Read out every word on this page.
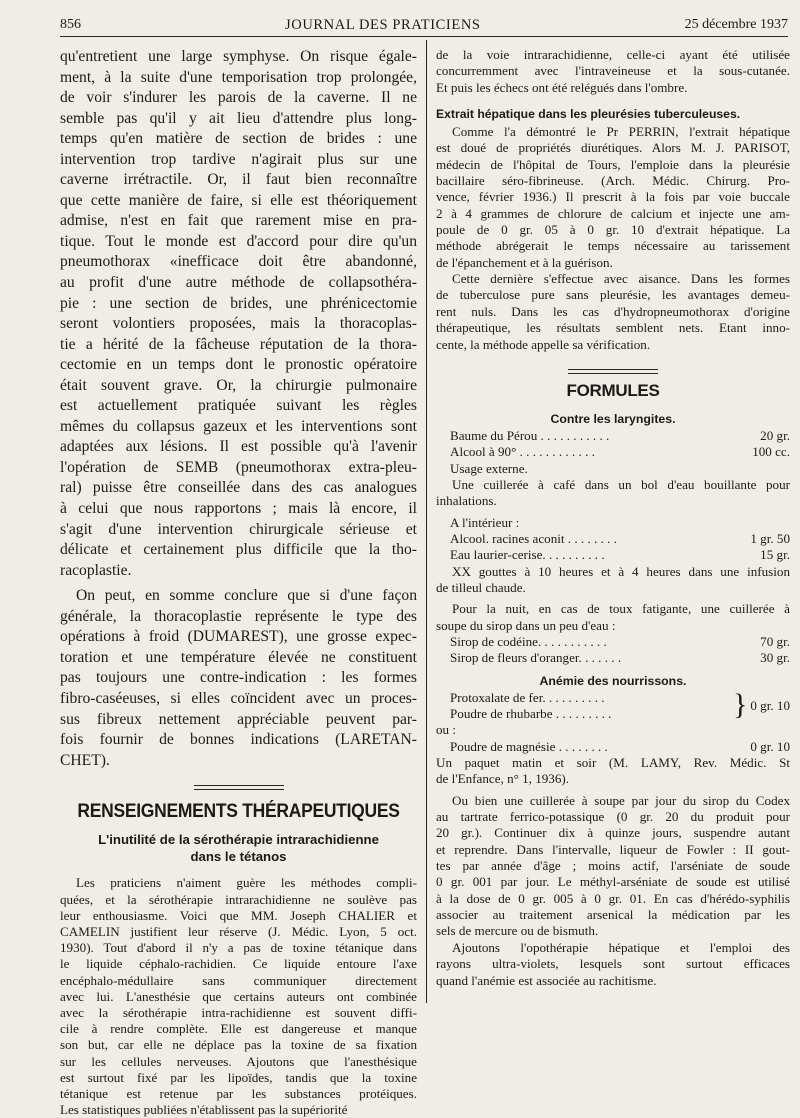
856	JOURNAL DES PRATICIENS	25 décembre 1937
qu'entretient une large symphyse. On risque égale-
ment, à la suite d'une temporisation trop prolongée,
de voir s'indurer les parois de la caverne. Il ne
semble pas qu'il y ait lieu d'attendre plus long-
temps qu'en matière de section de brides : une
intervention trop tardive n'agirait plus sur une
caverne irrétractile. Or, il faut bien reconnaître
que cette manière de faire, si elle est théoriquement
admise, n'est en fait que rarement mise en pra-
tique. Tout le monde est d'accord pour dire qu'un
pneumothorax «inefficace doit être abandonné,
au profit d'une autre méthode de collapsothéra-
pie : une section de brides, une phrénicectomie
seront volontiers proposées, mais la thoracoplas-
tie a hérité de la fâcheuse réputation de la thora-
cectomie en un temps dont le pronostic opératoire
était souvent grave. Or, la chirurgie pulmonaire
est actuellement pratiquée suivant les règles
mêmes du collapsus gazeux et les interventions sont
adaptées aux lésions. Il est possible qu'à l'avenir
l'opération de SEMB (pneumothorax extra-pleu-
ral) puisse être conseillée dans des cas analogues
à celui que nous rapportons ; mais là encore, il
s'agit d'une intervention chirurgicale sérieuse et
délicate et certainement plus difficile que la tho-
racoplastie.
On peut, en somme conclure que si d'une façon
générale, la thoracoplastie représente le type des
opérations à froid (DUMAREST), une grosse expec-
toration et une température élevée ne constituent
pas toujours une contre-indication : les formes
fibro-caséeuses, si elles coïncident avec un proces-
sus fibreux nettement appréciable peuvent par-
fois fournir de bonnes indications (LARETAN-
CHET).
RENSEIGNEMENTS THÉRAPEUTIQUES
L'inutilité de la sérothérapie intrarachidienne
dans le tétanos
Les praticiens n'aiment guère les méthodes compli-
quées, et la sérothérapie intrarachidienne ne soulève pas
leur enthousiasme. Voici que MM. Joseph CHALIER et
CAMELIN justifient leur réserve (J. Médic. Lyon, 5 oct.
1930). Tout d'abord il n'y a pas de toxine tétanique dans
le liquide céphalo-rachidien. Ce liquide entoure l'axe
encéphalo-médullaire sans communiquer directement
avec lui. L'anesthésie que certains auteurs ont combinée
avec la sérothérapie intra-rachidienne est souvent diffi-
cile à rendre complète. Elle est dangereuse et manque
son but, car elle ne déplace pas la toxine de sa fixation
sur les cellules nerveuses. Ajoutons que l'anesthésique
est surtout fixé par les lipoïdes, tandis que la toxine
tétanique est retenue par les substances protéiques.
Les statistiques publiées n'établissent pas la supériorité
de la voie intrarachidienne, celle-ci ayant été utilisée
concurremment avec l'intraveineuse et la sous-cutanée.
Et puis les échecs ont été relégués dans l'ombre.
Extrait hépatique dans les pleurésies tuberculeuses.
Comme l'a démontré le Pr PERRIN, l'extrait hépatique
est doué de propriétés diurétiques. Alors M. J. PARISOT,
médecin de l'hôpital de Tours, l'emploie dans la pleurésie
bacillaire séro-fibrineuse. (Arch. Médic. Chirurg. Pro-
vence, février 1936.) Il prescrit à la fois par voie buccale
2 à 4 grammes de chlorure de calcium et injecte une am-
poule de 0 gr. 05 à 0 gr. 10 d'extrait hépatique. La
méthode abrégerait le temps nécessaire au tarissement
de l'épanchement et à la guérison.
Cette dernière s'effectue avec aisance. Dans les formes
de tuberculose pure sans pleurésie, les avantages demeu-
rent nuls. Dans les cas d'hydropneumothorax d'origine
thérapeutique, les résultats semblent nets. Etant inno-
cente, la méthode appelle sa vérification.
FORMULES
Contre les laryngites.
Baume du Pérou . . . . . . . . . . .	20 gr.
Alcool à 90° . . . . . . . . . . . .	100 cc.
Usage externe.
Une cuillerée à café dans un bol d'eau bouillante pour
inhalations.
A l'intérieur :
Alcool. racines aconit . . . . . . . .	1 gr. 50
Eau laurier-cerise. . . . . . . . . .	15 gr.
XX gouttes à 10 heures et à 4 heures dans une infusion
de tilleul chaude.
Pour la nuit, en cas de toux fatigante, une cuillerée à
soupe du sirop dans un peu d'eau :
Sirop de codéine. . . . . . . . . . .	70 gr.
Sirop de fleurs d'oranger. . . . . . .	30 gr.
Anémie des nourrissons.
Protoxalate de fer. . . . . . . . . .
Poudre de rhubarbe . . . . . . . . .	} 0 gr. 10
ou :
Poudre de magnésie . . . . . . . .	0 gr. 10
Un paquet matin et soir (M. LAMY, Rev. Médic. St
de l'Enfance, n° 1, 1936).
Ou bien une cuillerée à soupe par jour du sirop du Codex
au tartrate ferrico-potassique (0 gr. 20 du produit pour
20 gr.). Continuer dix à quinze jours, suspendre autant
et reprendre. Dans l'intervalle, liqueur de Fowler : II gout-
tes par année d'âge ; moins actif, l'arséniate de soude
0 gr. 001 par jour. Le méthyl-arséniate de soude est utilisé
à la dose de 0 gr. 005 à 0 gr. 01. En cas d'hérédo-syphilis
associer au traitement arsenical la médication par les
sels de mercure ou de bismuth.
Ajoutons l'opothérapie hépatique et l'emploi des
rayons ultra-violets, lesquels sont surtout efficaces
quand l'anémie est associée au rachitisme.
